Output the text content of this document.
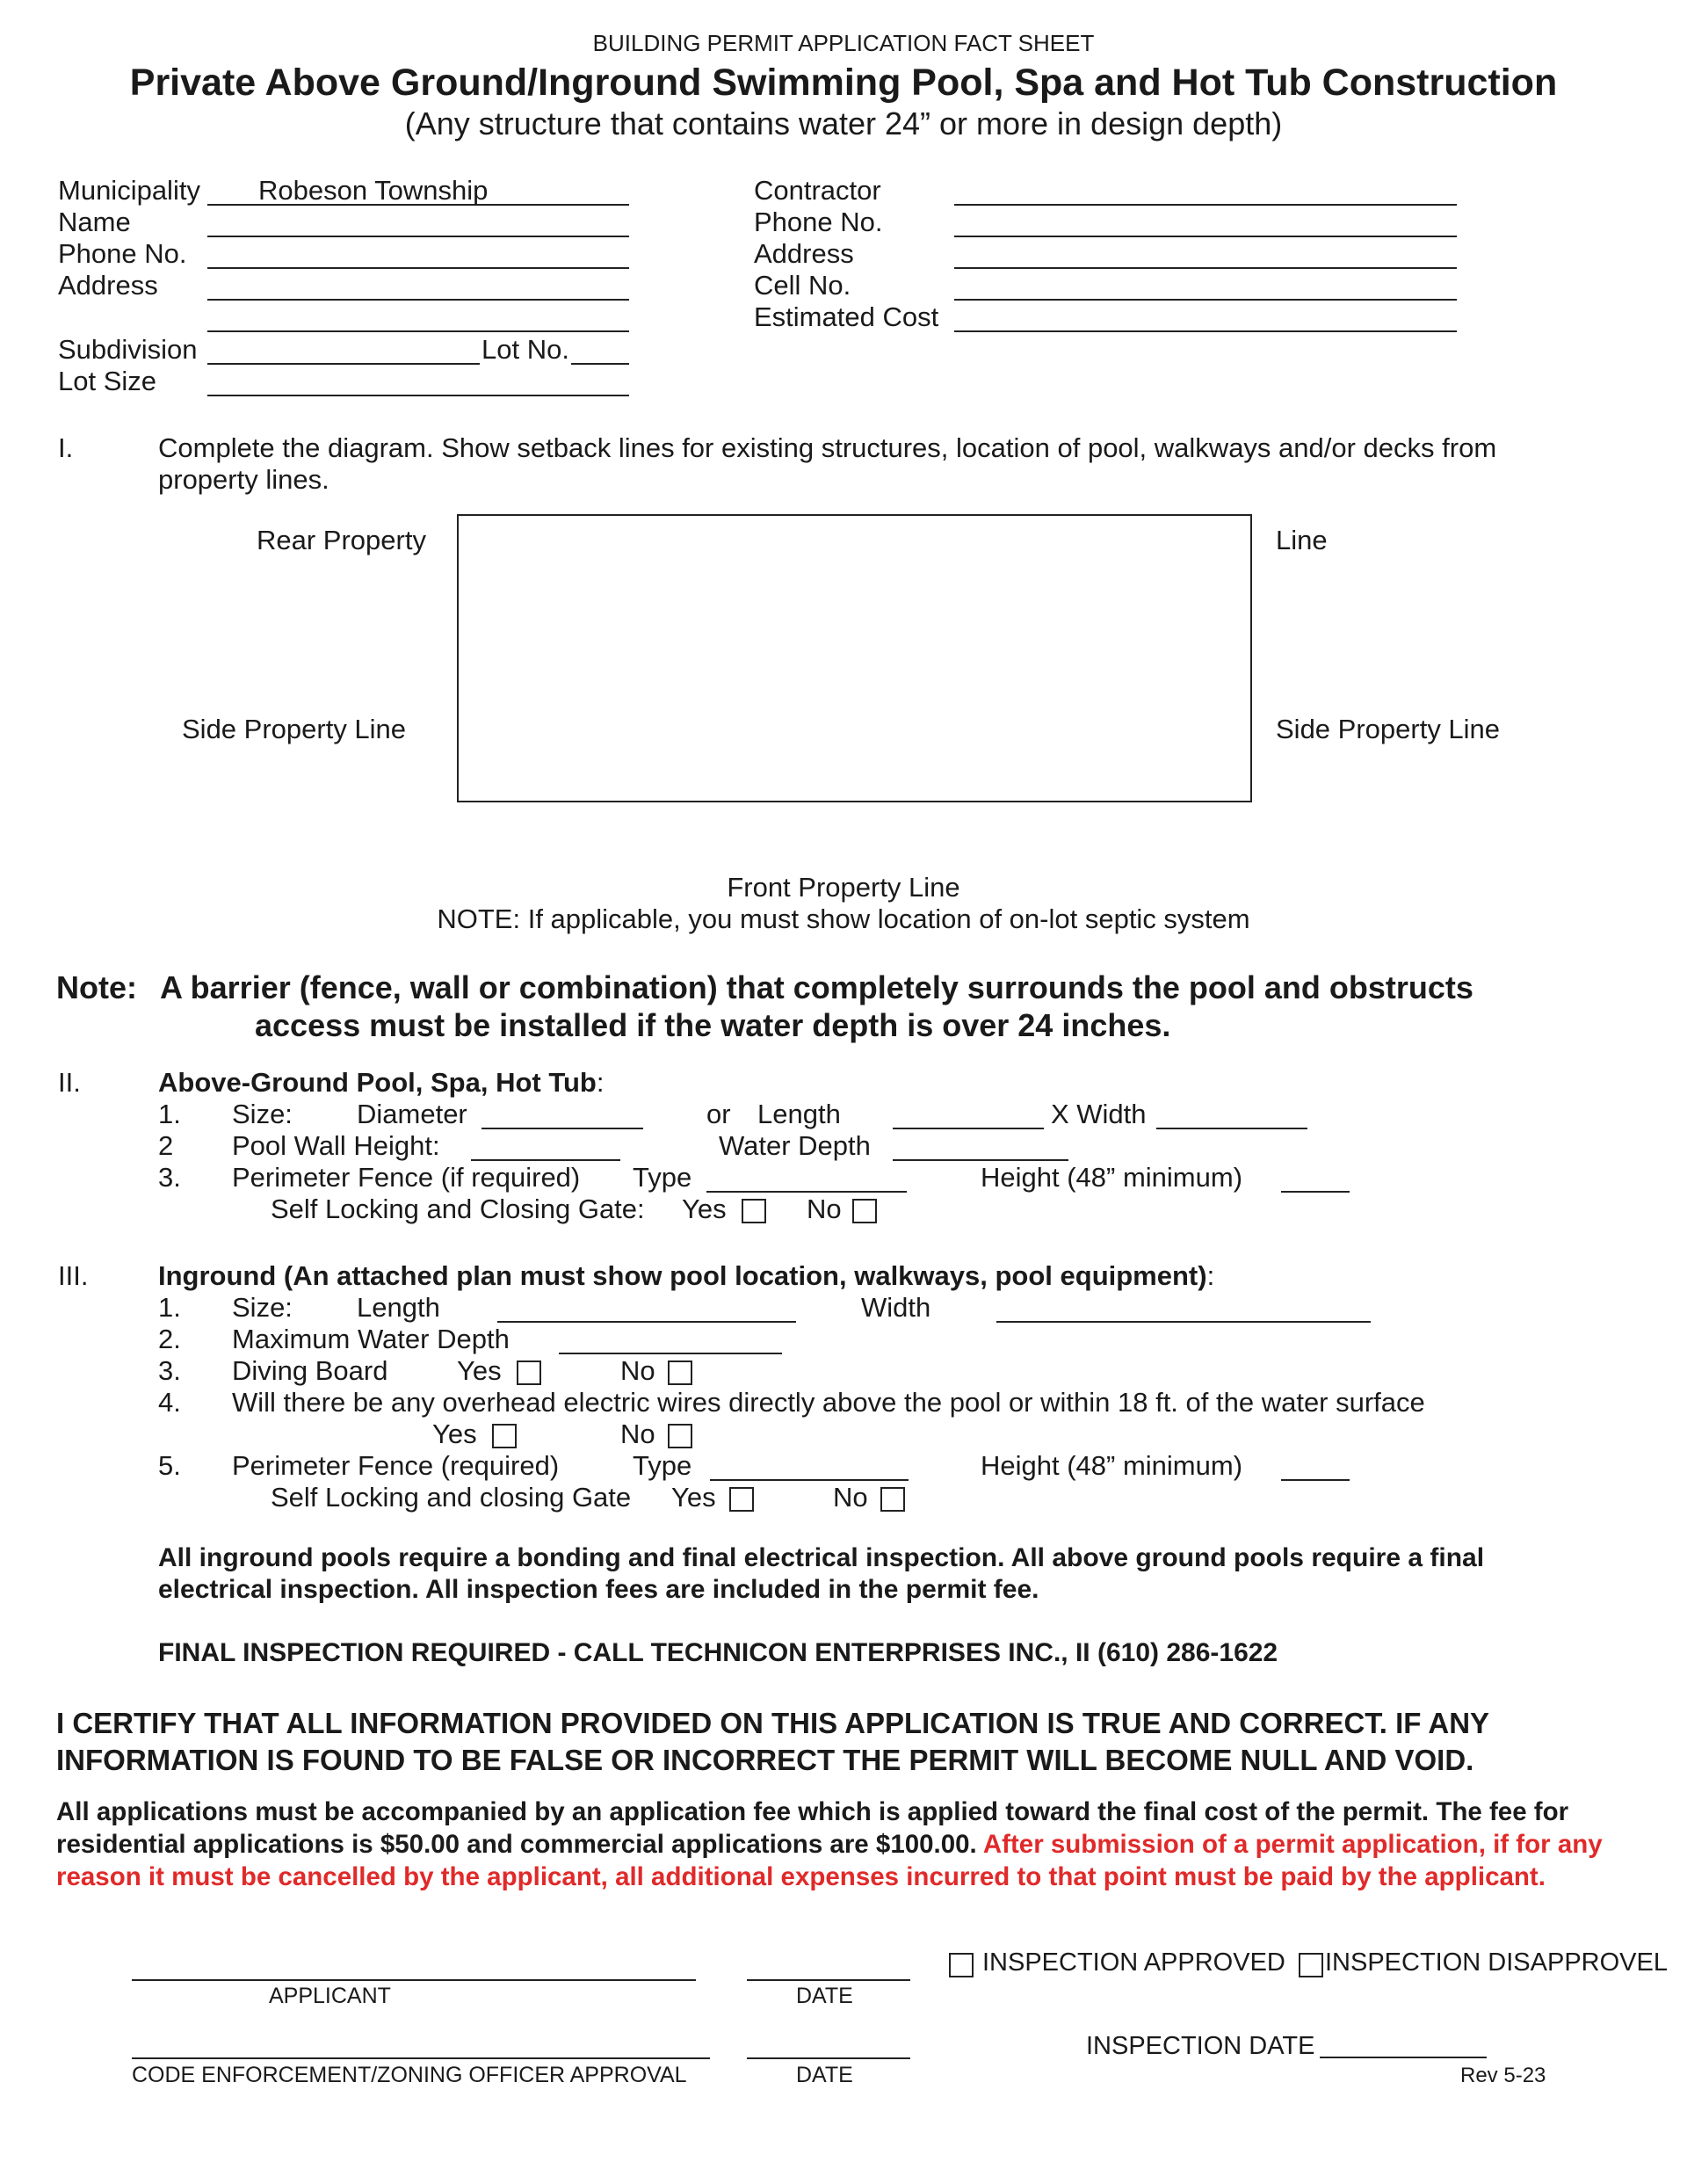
BUILDING PERMIT APPLICATION FACT SHEET
Private Above Ground/Inground Swimming Pool, Spa and Hot Tub Construction
(Any structure that contains water 24” or more in design depth)
Municipality Robeson Township
Name
Phone No.
Address
Subdivision	Lot No.
Lot Size
Contractor
Phone No.
Address
Cell No.
Estimated Cost
I.	Complete the diagram. Show setback lines for existing structures, location of pool, walkways and/or decks from property lines.
Rear Property	Line
Side Property Line	Side Property Line
Front Property Line
NOTE: If applicable, you must show location of on-lot septic system
Note: A barrier (fence, wall or combination) that completely surrounds the pool and obstructs
access must be installed if the water depth is over 24 inches.
II.	Above-Ground Pool, Spa, Hot Tub:
1. Size: Diameter	or Length	X Width
2 Pool Wall Height:	Water Depth
3. Perimeter Fence (if required) Type	Height (48” minimum)
Self Locking and Closing Gate: Yes	No
III.	Inground (An attached plan must show pool location, walkways, pool equipment):
1. Size: Length	Width
2. Maximum Water Depth
3. Diving Board	Yes	No
4. Will there be any overhead electric wires directly above the pool or within 18 ft. of the water surface
Yes	No
5. Perimeter Fence (required)	Type	Height (48” minimum)
Self Locking and closing Gate Yes	No
All inground pools require a bonding and final electrical inspection. All above ground pools require a final electrical inspection. All inspection fees are included in the permit fee.
FINAL INSPECTION REQUIRED - CALL TECHNICON ENTERPRISES INC., II (610) 286-1622
I CERTIFY THAT ALL INFORMATION PROVIDED ON THIS APPLICATION IS TRUE AND CORRECT. IF ANY
INFORMATION IS FOUND TO BE FALSE OR INCORRECT THE PERMIT WILL BECOME NULL AND VOID.
All applications must be accompanied by an application fee which is applied toward the final cost of the permit. The fee for residential applications is $50.00 and commercial applications are $100.00. After submission of a permit application, if for any reason it must be cancelled by the applicant, all additional expenses incurred to that point must be paid by the applicant.
APPLICANT	DATE
INSPECTION APPROVED INSPECTION DISAPPROVEL
CODE ENFORCEMENT/ZONING OFFICER APPROVAL	DATE
INSPECTION DATE
Rev 5-23
